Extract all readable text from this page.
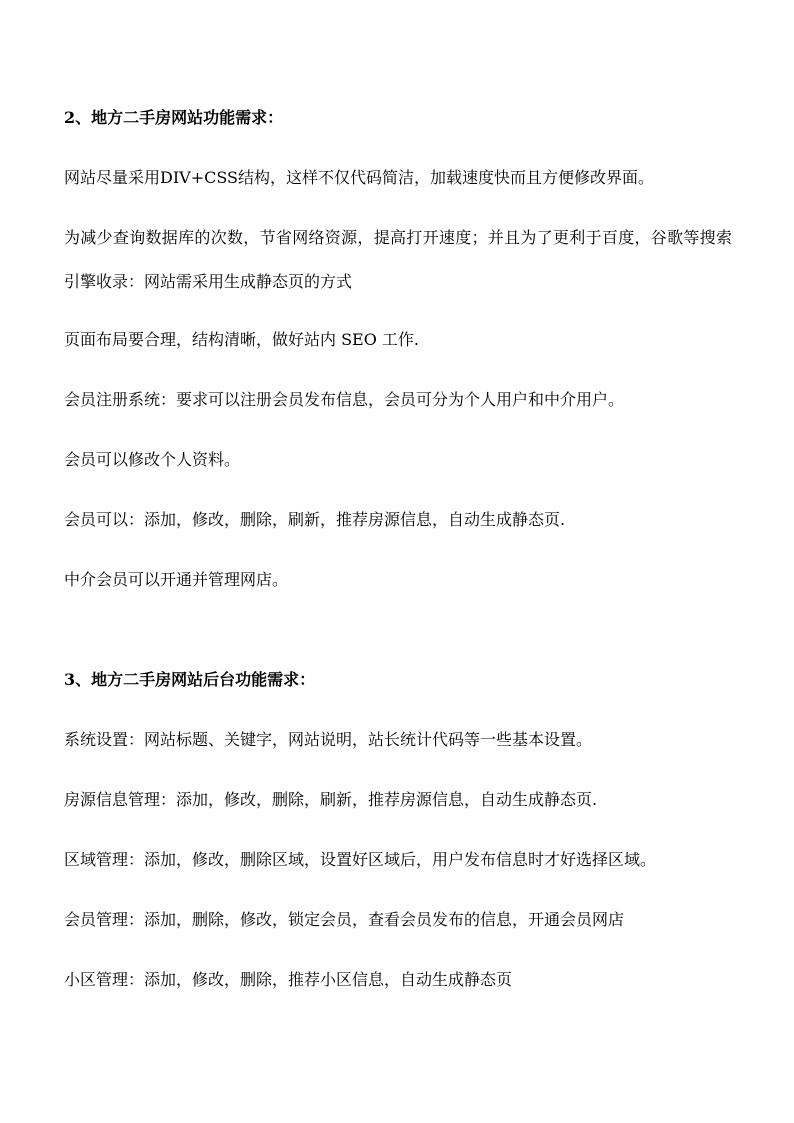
2、地方二手房网站功能需求：
网站尽量采用DIV+CSS结构，这样不仅代码简洁，加载速度快而且方便修改界面。
为减少查询数据库的次数，节省网络资源，提高打开速度；并且为了更利于百度，谷歌等搜索引擎收录：网站需采用生成静态页的方式
页面布局要合理，结构清晰，做好站内 SEO 工作.
会员注册系统：要求可以注册会员发布信息，会员可分为个人用户和中介用户。
会员可以修改个人资料。
会员可以：添加，修改，删除，刷新，推荐房源信息，自动生成静态页.
中介会员可以开通并管理网店。
3、地方二手房网站后台功能需求：
系统设置：网站标题、关键字，网站说明，站长统计代码等一些基本设置。
房源信息管理：添加，修改，删除，刷新，推荐房源信息，自动生成静态页.
区域管理：添加，修改，删除区域，设置好区域后，用户发布信息时才好选择区域。
会员管理：添加，删除，修改，锁定会员，查看会员发布的信息，开通会员网店
小区管理：添加，修改，删除，推荐小区信息，自动生成静态页
